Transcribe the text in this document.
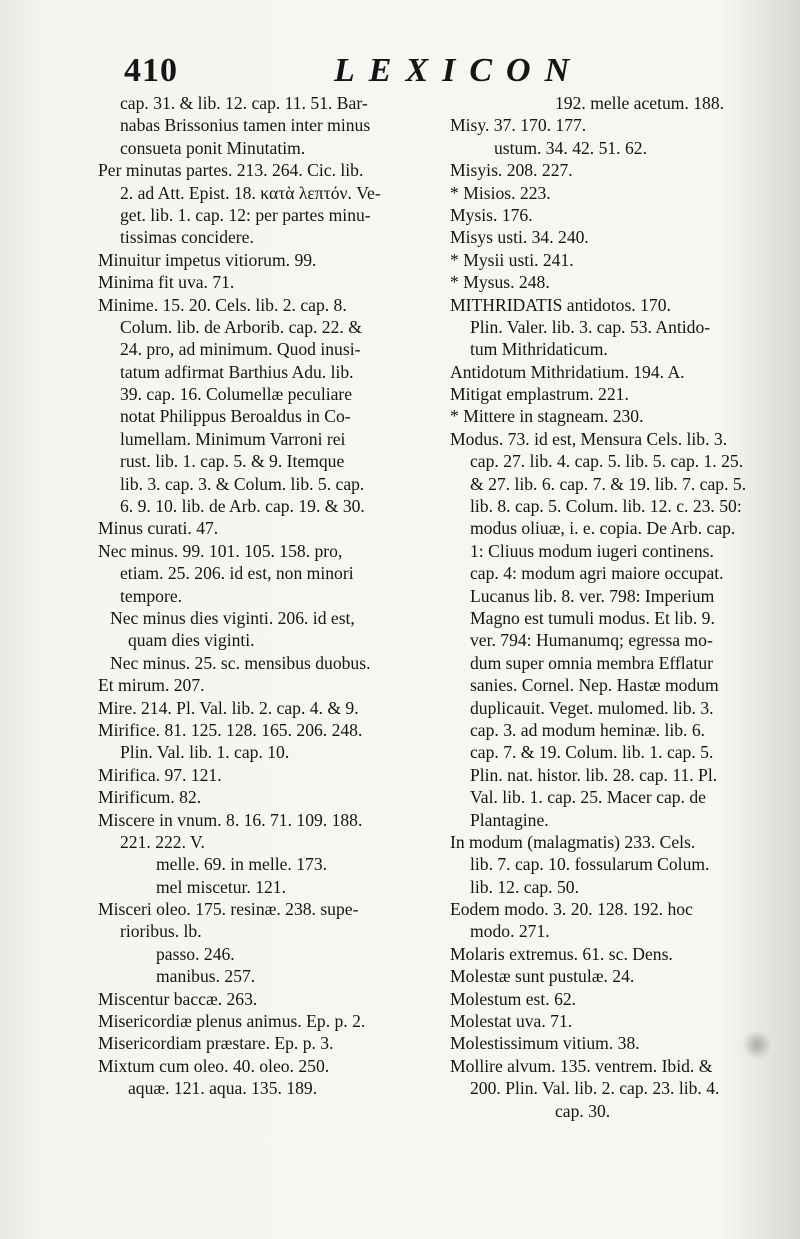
410	LEXICON
cap. 31. & lib. 12. cap. 11. 51. Bar-
nabas Brissonius tamen inter minus
consueta ponit Minutatim.
Per minutas partes. 213. 264. Cic. lib.
2. ad Att. Epist. 18. κατὰ λεπτόν. Ve-
get. lib. 1. cap. 12: per partes minu-
tissimas concidere.
Minuitur impetus vitiorum. 99.
Minima fit uva. 71.
Minime. 15. 20. Cels. lib. 2. cap. 8.
Colum. lib. de Arborib. cap. 22. &
24. pro, ad minimum. Quod inusi-
tatum adfirmat Barthius Adu. lib.
39. cap. 16. Columellæ peculiare
notat Philippus Beroaldus in Co-
lumellam. Minimum Varroni rei
rust. lib. 1. cap. 5. & 9. Itemque
lib. 3. cap. 3. & Colum. lib. 5. cap.
6. 9. 10. lib. de Arb. cap. 19. & 30.
Minus curati. 47.
Nec minus. 99. 101. 105. 158. pro,
etiam. 25. 206. id est, non minori
tempore.
Nec minus dies viginti. 206. id est,
quam dies viginti.
Nec minus. 25. sc. mensibus duobus.
Et mirum. 207.
Mire. 214. Pl. Val. lib. 2. cap. 4. & 9.
Mirifice. 81. 125. 128. 165. 206. 248.
Plin. Val. lib. 1. cap. 10.
Mirifica. 97. 121.
Mirificum. 82.
Miscere in vnum. 8. 16. 71. 109. 188.
221. 222. V.
melle. 69. in melle. 173.
mel miscetur. 121.
Misceri oleo. 175. resinæ. 238. supe-
rioribus. lb.
passo. 246.
manibus. 257.
Miscentur baccæ. 263.
Misericordiæ plenus animus. Ep. p. 2.
Misericordiam præstare. Ep. p. 3.
Mixtum cum oleo. 40. oleo. 250.
aquæ. 121. aqua. 135. 189.
192. melle acetum. 188.
Misy. 37. 170. 177.
ustum. 34. 42. 51. 62.
Misyis. 208. 227.
* Misios. 223.
Mysis. 176.
Misys usti. 34. 240.
* Mysii usti. 241.
* Mysus. 248.
MITHRIDATIS antidotos. 170.
Plin. Valer. lib. 3. cap. 53. Antido-
tum Mithridaticum.
Antidotum Mithridatium. 194. A.
Mitigat emplastrum. 221.
* Mittere in stagneam. 230.
Modus. 73. id est, Mensura Cels. lib. 3.
cap. 27. lib. 4. cap. 5. lib. 5. cap. 1. 25.
& 27. lib. 6. cap. 7. & 19. lib. 7. cap. 5.
lib. 8. cap. 5. Colum. lib. 12. c. 23. 50:
modus oliuæ, i. e. copia. De Arb. cap.
1: Cliuus modum iugeri continens.
cap. 4: modum agri maiore occupat.
Lucanus lib. 8. ver. 798: Imperium
Magno est tumuli modus. Et lib. 9.
ver. 794: Humanumq; egressa mo-
dum super omnia membra Efflatur
sanies. Cornel. Nep. Hastæ modum
duplicauit. Veget. mulomed. lib. 3.
cap. 3. ad modum heminæ. lib. 6.
cap. 7. & 19. Colum. lib. 1. cap. 5.
Plin. nat. histor. lib. 28. cap. 11. Pl.
Val. lib. 1. cap. 25. Macer cap. de
Plantagine.
In modum (malagmatis) 233. Cels.
lib. 7. cap. 10. fossularum Colum.
lib. 12. cap. 50.
Eodem modo. 3. 20. 128. 192. hoc
modo. 271.
Molaris extremus. 61. sc. Dens.
Molestæ sunt pustulæ. 24.
Molestum est. 62.
Molestat uva. 71.
Molestissimum vitium. 38.
Mollire alvum. 135. ventrem. Ibid. &
200. Plin. Val. lib. 2. cap. 23. lib. 4.
cap. 30.
